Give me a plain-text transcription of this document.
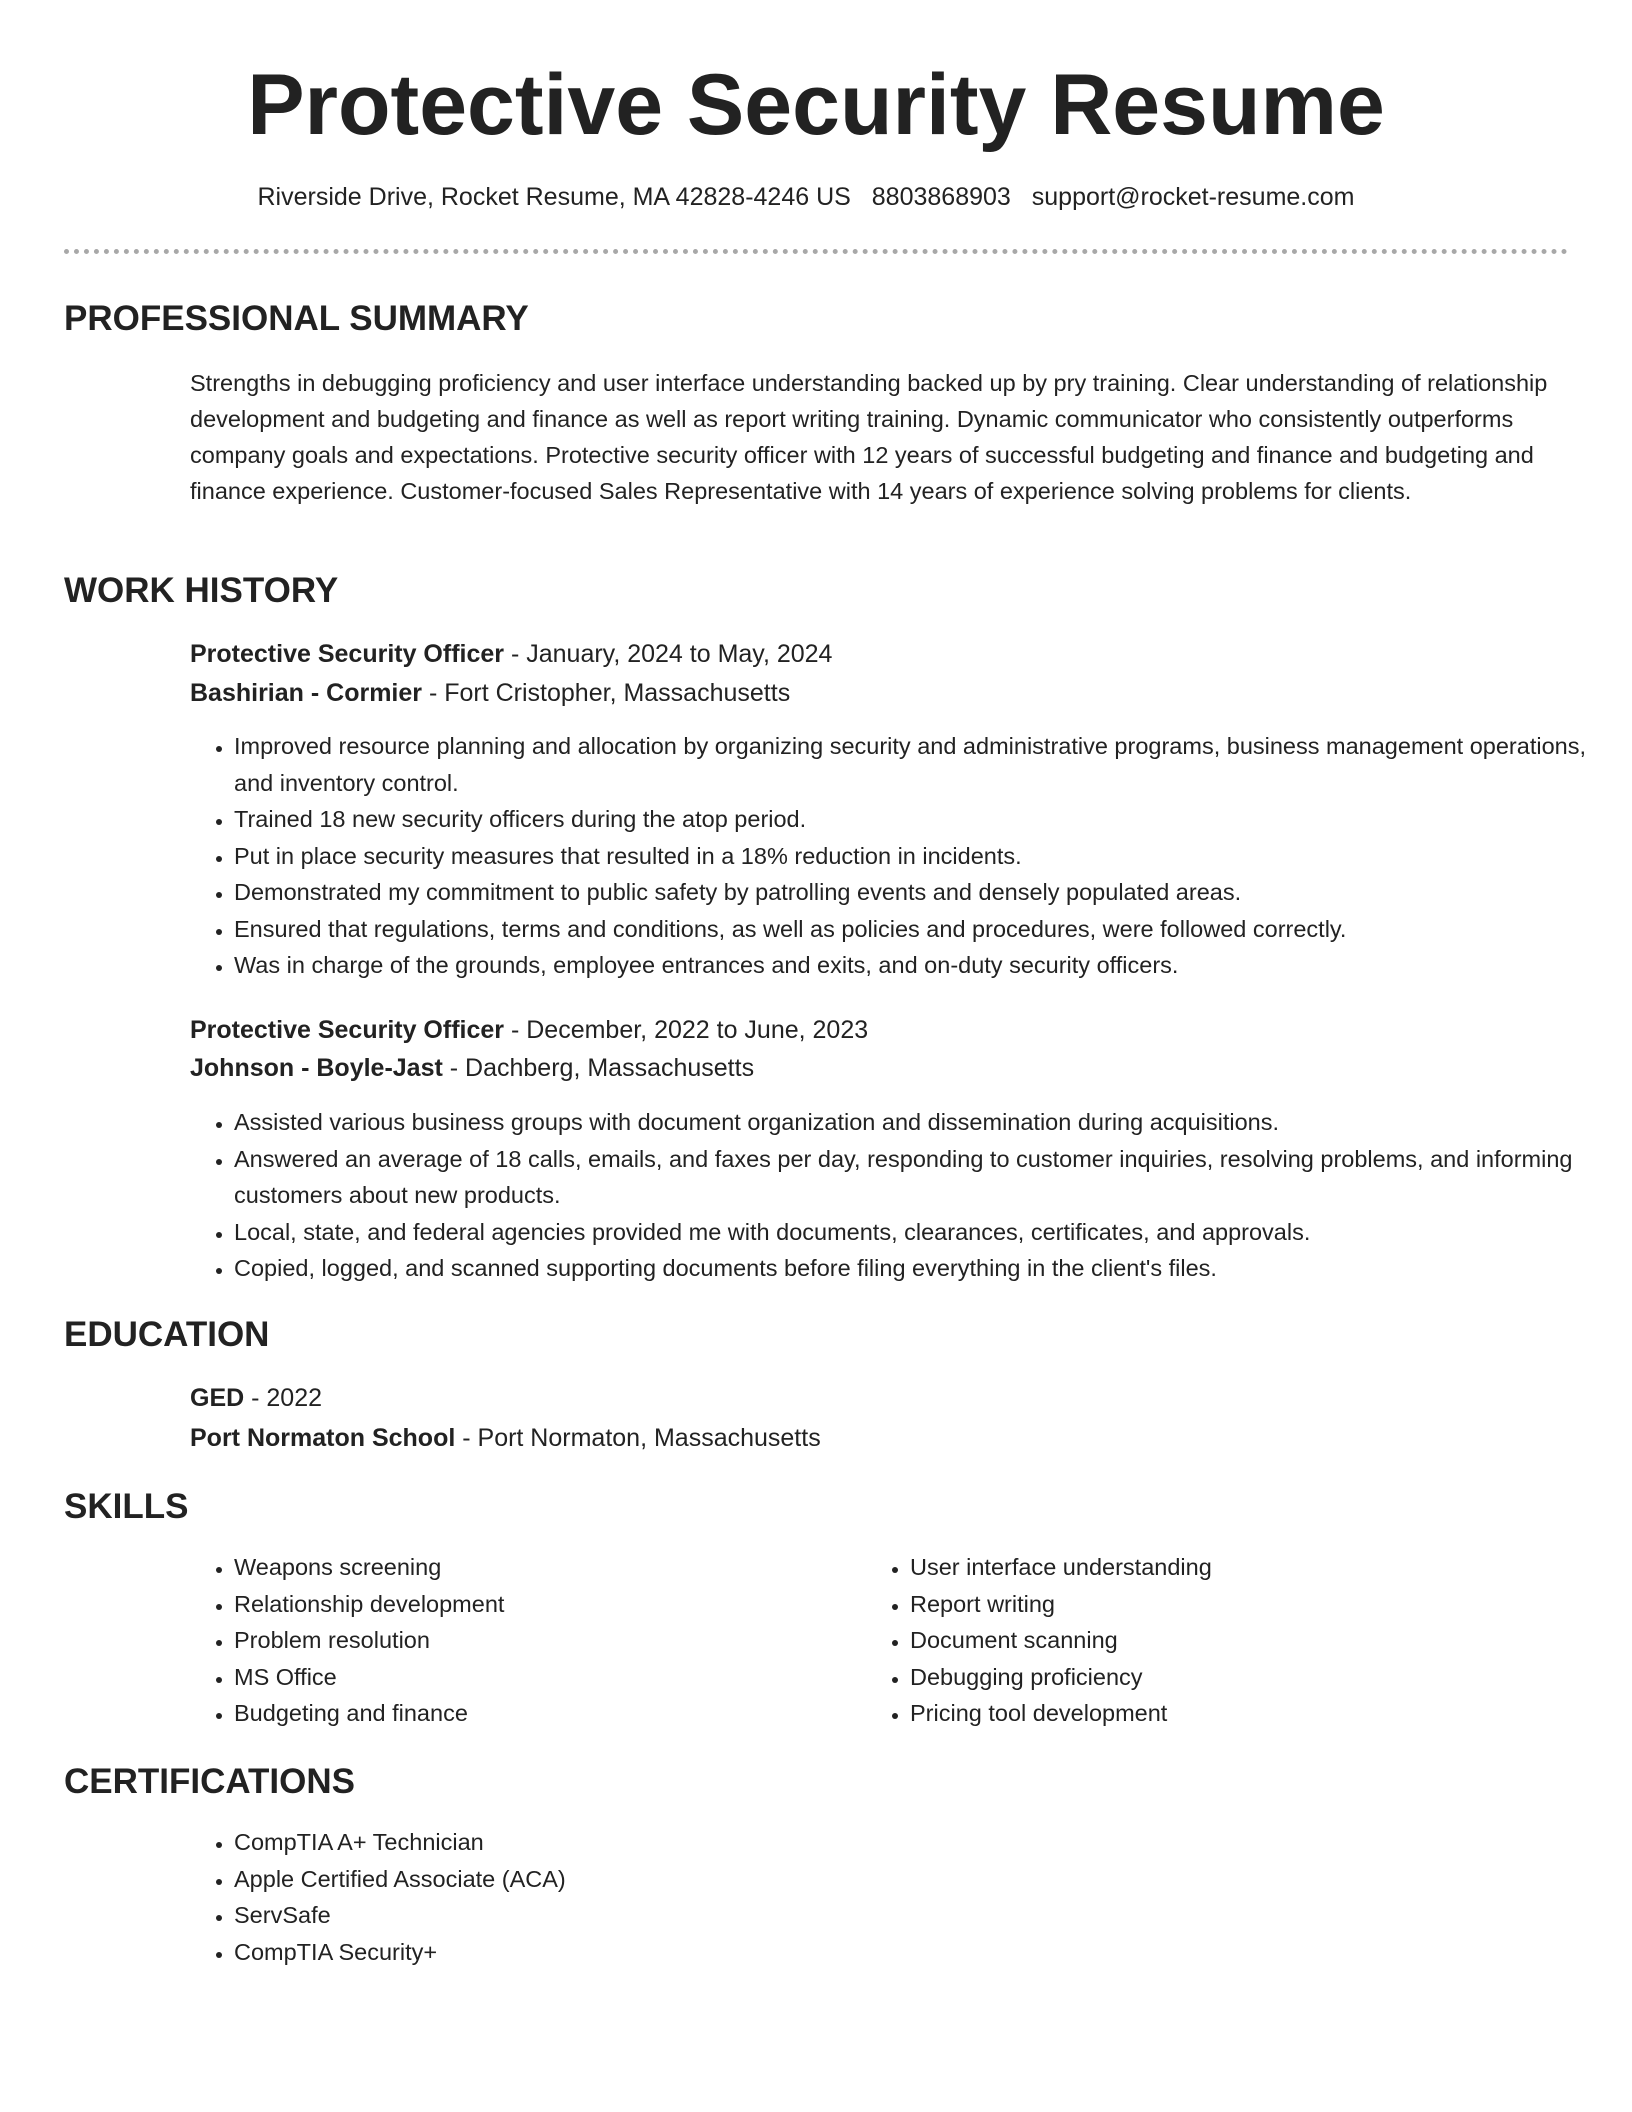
Protective Security Resume
Riverside Drive, Rocket Resume, MA 42828-4246 US 8803868903 support@rocket-resume.com
PROFESSIONAL SUMMARY

Strengths in debugging proficiency and user interface understanding backed up by pry training. Clear understanding of relationship development and budgeting and finance as well as report writing training. Dynamic communicator who consistently outperforms company goals and expectations. Protective security officer with 12 years of successful budgeting and finance and budgeting and finance experience. Customer-focused Sales Representative with 14 years of experience solving problems for clients.

WORK HISTORY
Protective Security Officer - January, 2024 to May, 2024
Bashirian - Cormier - Fort Cristopher, Massachusetts
• Improved resource planning and allocation by organizing security and administrative programs, business management operations, and inventory control.
• Trained 18 new security officers during the atop period.
• Put in place security measures that resulted in a 18% reduction in incidents.
• Demonstrated my commitment to public safety by patrolling events and densely populated areas.
• Ensured that regulations, terms and conditions, as well as policies and procedures, were followed correctly.
• Was in charge of the grounds, employee entrances and exits, and on-duty security officers.
Protective Security Officer - December, 2022 to June, 2023
Johnson - Boyle-Jast - Dachberg, Massachusetts
• Assisted various business groups with document organization and dissemination during acquisitions.
• Answered an average of 18 calls, emails, and faxes per day, responding to customer inquiries, resolving problems, and informing customers about new products.
• Local, state, and federal agencies provided me with documents, clearances, certificates, and approvals.
• Copied, logged, and scanned supporting documents before filing everything in the client's files.
EDUCATION
GED - 2022
Port Normaton School - Port Normaton, Massachusetts
SKILLS
• Weapons screening
• Relationship development
• Problem resolution
• MS Office
• Budgeting and finance
• User interface understanding
• Report writing
• Document scanning
• Debugging proficiency
• Pricing tool development
CERTIFICATIONS
• CompTIA A+ Technician
• Apple Certified Associate (ACA)
• ServSafe
• CompTIA Security+
